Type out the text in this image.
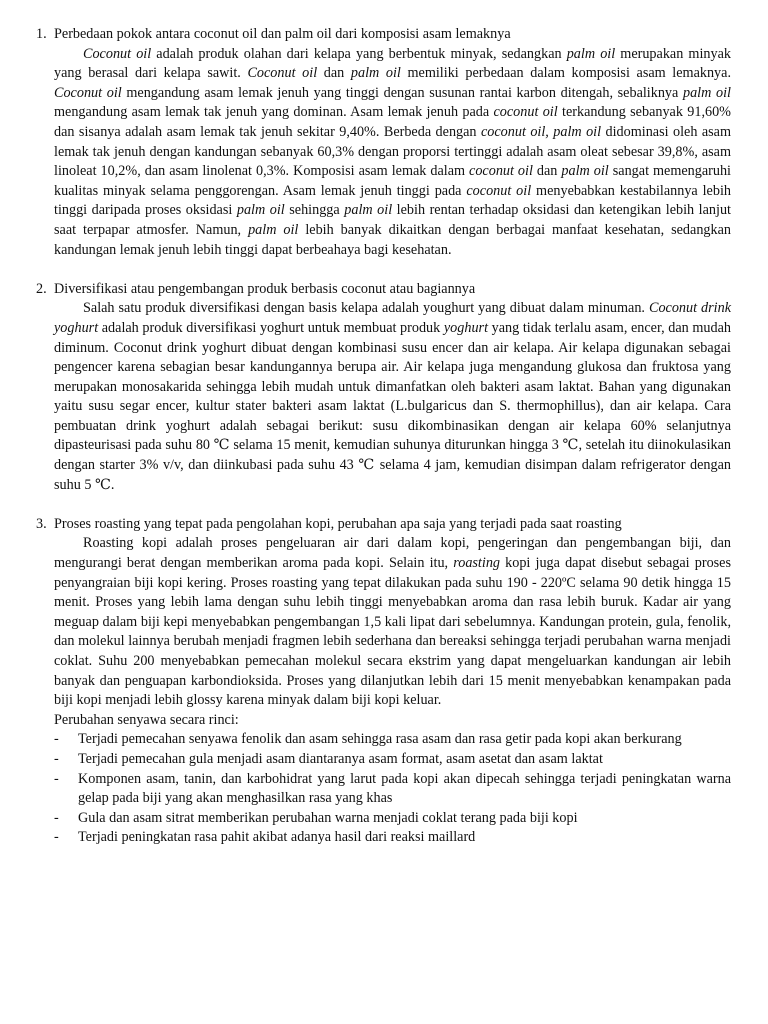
1. Perbedaan pokok antara coconut oil dan palm oil dari komposisi asam lemaknya

Coconut oil adalah produk olahan dari kelapa yang berbentuk minyak, sedangkan palm oil merupakan minyak yang berasal dari kelapa sawit. Coconut oil dan palm oil memiliki perbedaan dalam komposisi asam lemaknya. Coconut oil mengandung asam lemak jenuh yang tinggi dengan susunan rantai karbon ditengah, sebaliknya palm oil mengandung asam lemak tak jenuh yang dominan. Asam lemak jenuh pada coconut oil terkandung sebanyak 91,60% dan sisanya adalah asam lemak tak jenuh sekitar 9,40%. Berbeda dengan coconut oil, palm oil didominasi oleh asam lemak tak jenuh dengan kandungan sebanyak 60,3% dengan proporsi tertinggi adalah asam oleat sebesar 39,8%, asam linoleat 10,2%, dan asam linolenat 0,3%. Komposisi asam lemak dalam coconut oil dan palm oil sangat memengaruhi kualitas minyak selama penggorengan. Asam lemak jenuh tinggi pada coconut oil menyebabkan kestabilannya lebih tinggi daripada proses oksidasi palm oil sehingga palm oil lebih rentan terhadap oksidasi dan ketengikan lebih lanjut saat terpapar atmosfer. Namun, palm oil lebih banyak dikaitkan dengan berbagai manfaat kesehatan, sedangkan kandungan lemak jenuh lebih tinggi dapat berbeahaya bagi kesehatan.

2. Diversifikasi atau pengembangan produk berbasis coconut atau bagiannya

Salah satu produk diversifikasi dengan basis kelapa adalah youghurt yang dibuat dalam minuman. Coconut drink yoghurt adalah produk diversifikasi yoghurt untuk membuat produk yoghurt yang tidak terlalu asam, encer, dan mudah diminum. Coconut drink yoghurt dibuat dengan kombinasi susu encer dan air kelapa. Air kelapa digunakan sebagai pengencer karena sebagian besar kandungannya berupa air. Air kelapa juga mengandung glukosa dan fruktosa yang merupakan monosakarida sehingga lebih mudah untuk dimanfatkan oleh bakteri asam laktat. Bahan yang digunakan yaitu susu segar encer, kultur stater bakteri asam laktat (L.bulgaricus dan S. thermophillus), dan air kelapa. Cara pembuatan drink yoghurt adalah sebagai berikut: susu dikombinasikan dengan air kelapa 60% selanjutnya dipasteurisasi pada suhu 80 ℃ selama 15 menit, kemudian suhunya diturunkan hingga 3 ℃, setelah itu diinokulasikan dengan starter 3% v/v, dan diinkubasi pada suhu 43 ℃ selama 4 jam, kemudian disimpan dalam refrigerator dengan suhu 5 ℃.

3. Proses roasting yang tepat pada pengolahan kopi, perubahan apa saja yang terjadi pada saat roasting

Roasting kopi adalah proses pengeluaran air dari dalam kopi, pengeringan dan pengembangan biji, dan mengurangi berat dengan memberikan aroma pada kopi. Selain itu, roasting kopi juga dapat disebut sebagai proses penyangraian biji kopi kering. Proses roasting yang tepat dilakukan pada suhu 190 - 220ºC selama 90 detik hingga 15 menit. Proses yang lebih lama dengan suhu lebih tinggi menyebabkan aroma dan rasa lebih buruk. Kadar air yang meguap dalam biji kepi menyebabkan pengembangan 1,5 kali lipat dari sebelumnya. Kandungan protein, gula, fenolik, dan molekul lainnya berubah menjadi fragmen lebih sederhana dan bereaksi sehingga terjadi perubahan warna menjadi coklat. Suhu 200 menyebabkan pemecahan molekul secara ekstrim yang dapat mengeluarkan kandungan air lebih banyak dan penguapan karbondioksida. Proses yang dilanjutkan lebih dari 15 menit menyebabkan kenampakan pada biji kopi menjadi lebih glossy karena minyak dalam biji kopi keluar.

Perubahan senyawa secara rinci:
- Terjadi pemecahan senyawa fenolik dan asam sehingga rasa asam dan rasa getir pada kopi akan berkurang
- Terjadi pemecahan gula menjadi asam diantaranya asam format, asam asetat dan asam laktat
- Komponen asam, tanin, dan karbohidrat yang larut pada kopi akan dipecah sehingga terjadi peningkatan warna gelap pada biji yang akan menghasilkan rasa yang khas
- Gula dan asam sitrat memberikan perubahan warna menjadi coklat terang pada biji kopi
- Terjadi peningkatan rasa pahit akibat adanya hasil dari reaksi maillard
